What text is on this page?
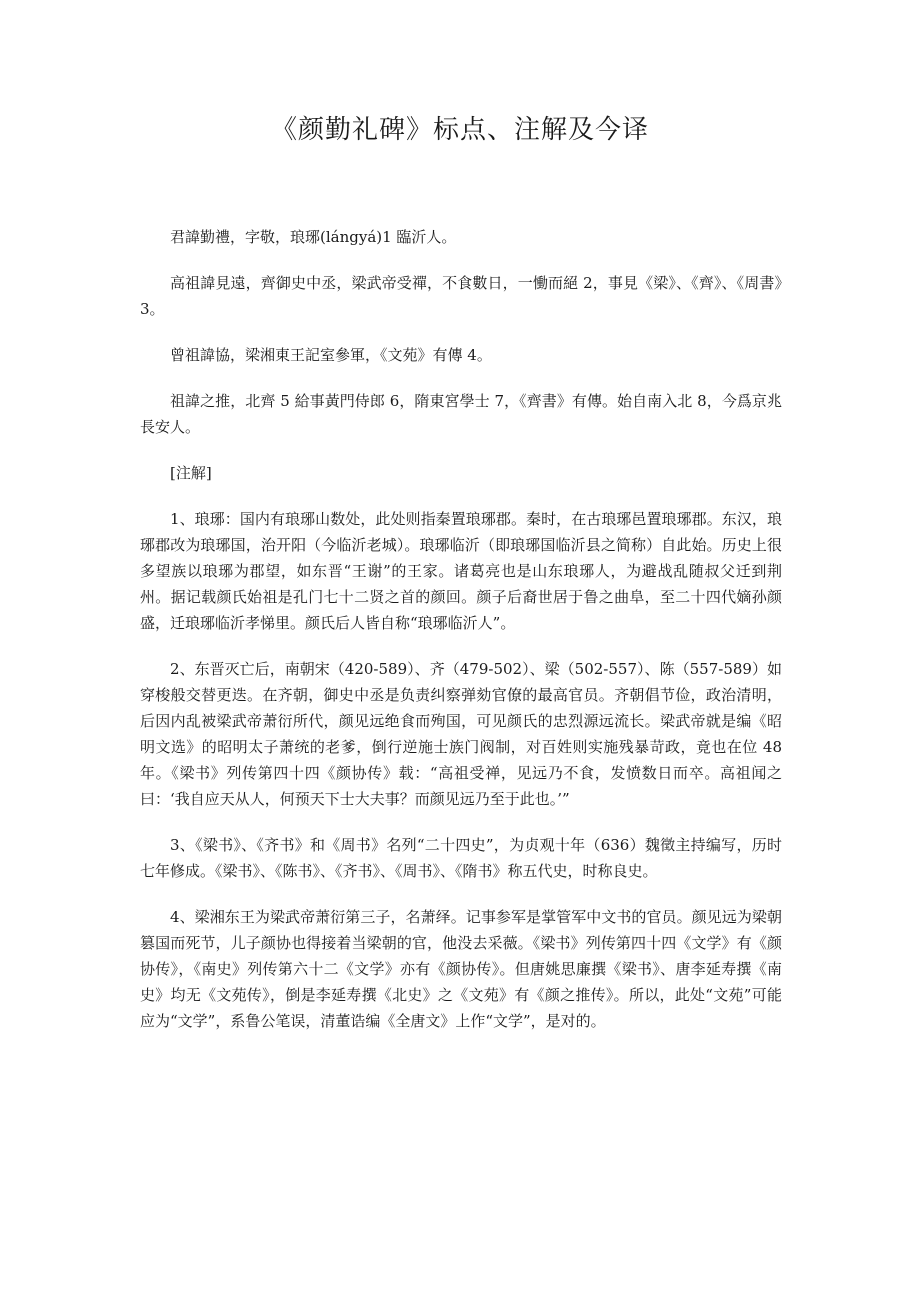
《颜勤礼碑》标点、注解及今译

君諱勤禮，字敬，琅琊(lángyá)1 臨沂人。

高祖諱見遠，齊御史中丞，梁武帝受禪，不食數日，一慟而絕 2，事見《梁》、《齊》、《周書》3。

曾祖諱協，梁湘東王記室參軍，《文苑》有傳 4。

祖諱之推，北齊 5 給事黃門侍郎 6，隋東宮學士 7，《齊書》有傳。始自南入北 8，今爲京兆長安人。

[注解]

1、琅琊：国内有琅琊山数处，此处则指秦置琅琊郡。秦时，在古琅琊邑置琅琊郡。东汉，琅琊郡改为琅琊国，治开阳（今临沂老城）。琅琊临沂（即琅琊国临沂县之简称）自此始。历史上很多望族以琅琊为郡望，如东晋“王谢”的王家。诸葛亮也是山东琅琊人，为避战乱随叔父迁到荆州。据记载颜氏始祖是孔门七十二贤之首的颜回。颜子后裔世居于鲁之曲阜，至二十四代嫡孙颜盛，迁琅琊临沂孝悌里。颜氏后人皆自称“琅琊临沂人”。

2、东晋灭亡后，南朝宋（420-589）、齐（479-502）、梁（502-557）、陈（557-589）如穿梭般交替更迭。在齐朝，御史中丞是负责纠察弹劾官僚的最高官员。齐朝倡节俭，政治清明，后因内乱被梁武帝萧衍所代，颜见远绝食而殉国，可见颜氏的忠烈源远流长。梁武帝就是编《昭明文选》的昭明太子萧统的老爹，倒行逆施士族门阀制，对百姓则实施残暴苛政，竟也在位 48 年。《梁书》列传第四十四《颜协传》载：“高祖受禅，见远乃不食，发愤数日而卒。高祖闻之曰：‘我自应天从人，何预天下士大夫事？而颜见远乃至于此也。’”

3、《梁书》、《齐书》和《周书》名列“二十四史”，为贞观十年（636）魏徵主持编写，历时七年修成。《梁书》、《陈书》、《齐书》、《周书》、《隋书》称五代史，时称良史。

4、梁湘东王为梁武帝萧衍第三子，名萧绎。记事参军是掌管军中文书的官员。颜见远为梁朝篡国而死节，儿子颜协也得接着当梁朝的官，他没去采薇。《梁书》列传第四十四《文学》有《颜协传》，《南史》列传第六十二《文学》亦有《颜协传》。但唐姚思廉撰《梁书》、唐李延寿撰《南史》均无《文苑传》，倒是李延寿撰《北史》之《文苑》有《颜之推传》。所以，此处“文苑”可能应为“文学”，系鲁公笔误，清董诰编《全唐文》上作“文学”，是对的。
